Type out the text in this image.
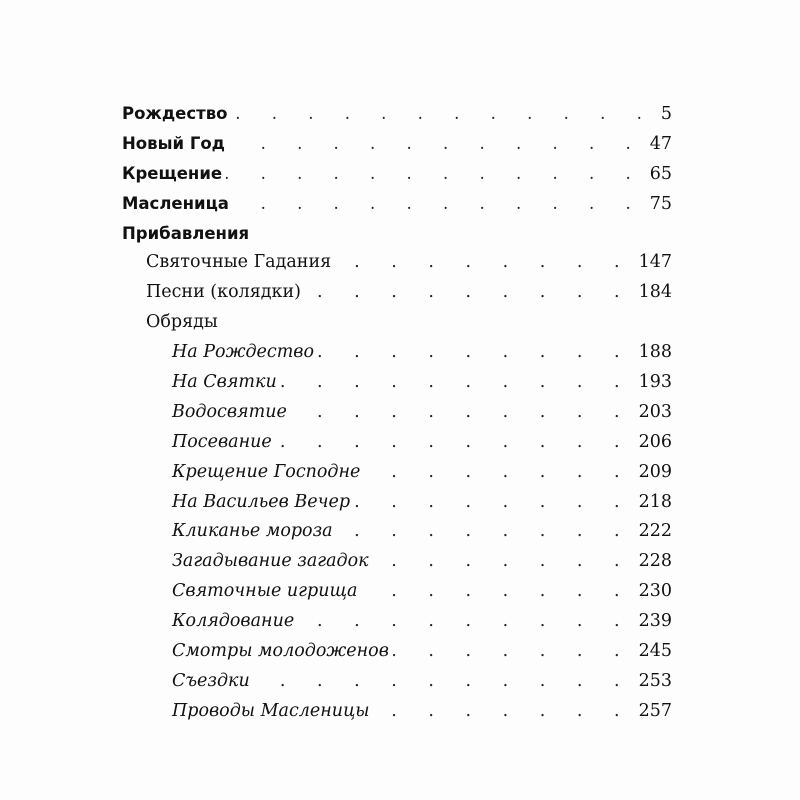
Рождество . . .	5
Новый Год . . .	47
Крещение . . .	65
Масленица . . .	75
Прибавления
Святочные Гадания . . .	147
Песни (колядки) . . .	184
Обряды
На Рождество . . .	188
На Святки . . .	193
Водосвятие . . .	203
Посевание . . .	206
Крещение Господне . . .	209
На Васильев Вечер . . .	218
Кликанье мороза . . .	222
Загадывание загадок . . .	228
Святочные игрища . . .	230
Колядование . . .	239
Смотры молодоженов . . .	245
Съездки . . .	253
Проводы Масленицы . . .	257
